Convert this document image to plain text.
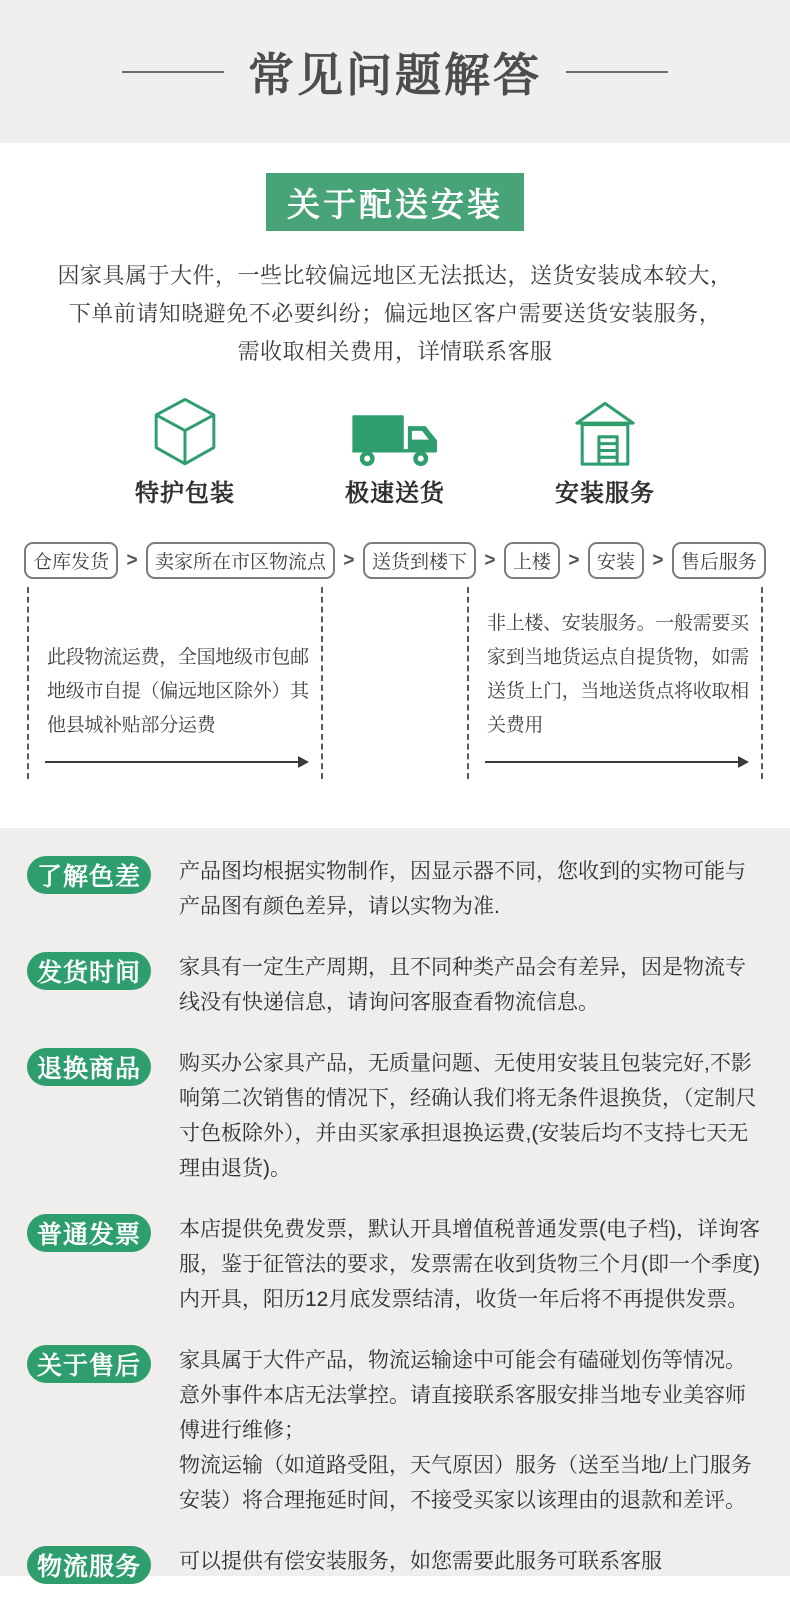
常见问题解答
关于配送安装
因家具属于大件，一些比较偏远地区无法抵达，送货安装成本较大，
下单前请知晓避免不必要纠纷；偏远地区客户需要送货安装服务，
需收取相关费用，详情联系客服
特护包装	极速送货	安装服务
仓库发货 > 卖家所在市区物流点 > 送货到楼下 > 上楼 > 安装 > 售后服务
此段物流运费，全国地级市包邮地级市自提（偏远地区除外）其他县城补贴部分运费
非上楼、安装服务。一般需要买家到当地货运点自提货物，如需送货上门，当地送货点将收取相关费用
了解色差	产品图均根据实物制作，因显示器不同，您收到的实物可能与产品图有颜色差异，请以实物为准.

发货时间	家具有一定生产周期，且不同种类产品会有差异，因是物流专线没有快递信息，请询问客服查看物流信息。

退换商品	购买办公家具产品，无质量问题、无使用安装且包装完好,不影响第二次销售的情况下，经确认我们将无条件退换货，（定制尺寸色板除外），并由买家承担退换运费,(安装后均不支持七天无理由退货)。

普通发票	本店提供免费发票，默认开具增值税普通发票(电子档)，详询客服，鉴于征管法的要求，发票需在收到货物三个月(即一个季度)内开具，阳历12月底发票结清，收货一年后将不再提供发票。

关于售后	家具属于大件产品，物流运输途中可能会有磕碰划伤等情况。意外事件本店无法掌控。请直接联系客服安排当地专业美容师傅进行维修；

物流运输（如道路受阻，天气原因）服务（送至当地/上门服务安装）将合理拖延时间，不接受买家以该理由的退款和差评。

物流服务	可以提供有偿安装服务，如您需要此服务可联系客服
